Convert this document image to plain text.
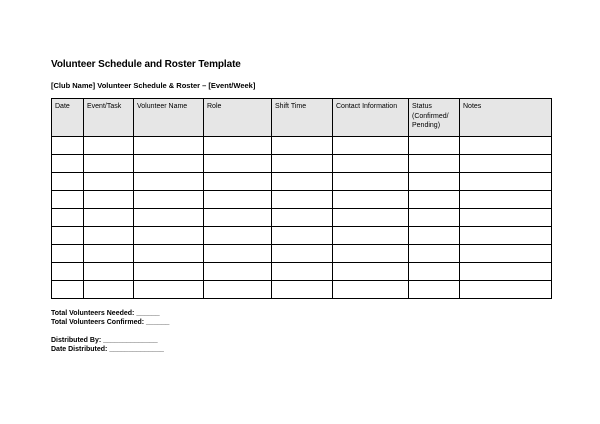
Volunteer Schedule and Roster Template
[Club Name] Volunteer Schedule & Roster – [Event/Week]
Date	Event/Task	Volunteer Name	Role	Shift Time	Contact Information	Status (Confirmed/ Pending)	Notes

Total Volunteers Needed: ______
Total Volunteers Confirmed: ______
Distributed By: ______________
Date Distributed: ______________
